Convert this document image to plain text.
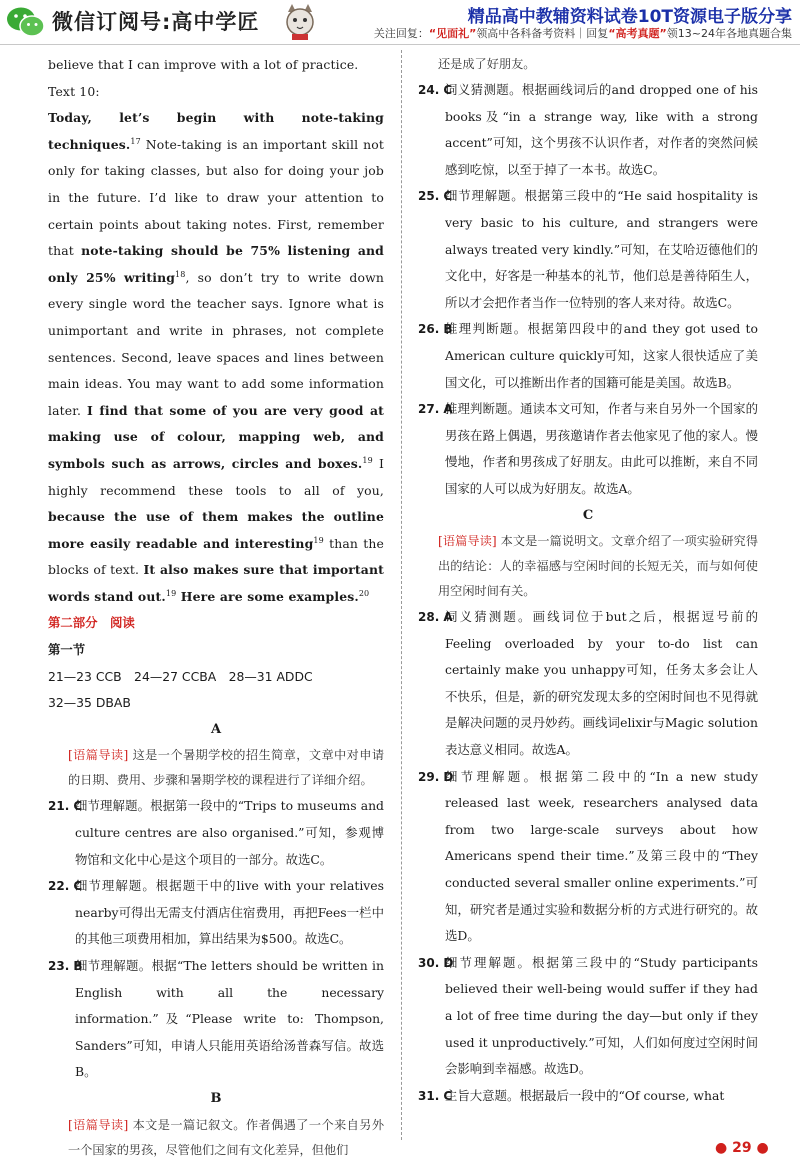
微信订阅号:高中学匠	精品高中教辅资料试卷10T资源电子版分享
关注回复：“见面礼”领高中各科备考资料｜回复“高考真题”领13~24年各地真题合集

believe that I can improve with a lot of practice.

Text 10:

Today, let’s begin with note-taking techniques.$^{17}$ Note-taking is an important skill not only for taking classes, but also for doing your job in the future. I’d like to draw your attention to certain points about taking notes. First, remember that note-taking should be 75% listening and only 25% writing$^{18}$, so don’t try to write down every single word the teacher says. Ignore what is unimportant and write in phrases, not complete sentences. Second, leave spaces and lines between main ideas. You may want to add some information later. I find that some of you are very good at making use of colour, mapping web, and symbols such as arrows, circles and boxes.$^{19}$ I highly recommend these tools to all of you, because the use of them makes the outline more easily readable and interesting$^{19}$ than the blocks of text. It also makes sure that important words stand out.$^{19}$ Here are some examples.$^{20}$

第二部分　阅读
第一节
21—23 CCB　24—27 CCBA　28—31 ADDC
32—35 DBAB
A
[语篇导读] 这是一个暑期学校的招生简章，文章中对申请的日期、费用、步骤和暑期学校的课程进行了详细介绍。
21. C
细节理解题。根据第一段中的“Trips to museums and culture centres are also organised.”可知，参观博物馆和文化中心是这个项目的一部分。故选C。
22. C
细节理解题。根据题干中的live with your relatives nearby可得出无需支付酒店住宿费用，再把Fees一栏中的其他三项费用相加，算出结果为$500。故选C。
23. B
细节理解题。根据“The letters should be written in English with all the necessary information.”及“Please write to: Thompson, Sanders”可知，申请人只能用英语给汤普森写信。故选B。
B
[语篇导读] 本文是一篇记叙文。作者偶遇了一个来自另外一个国家的男孩，尽管他们之间有文化差异，但他们
还是成了好朋友。
24. C
词义猜测题。根据画线词后的and dropped one of his books及“in a strange way, like with a strong accent”可知，这个男孩不认识作者，对作者的突然问候感到吃惊，以至于掉了一本书。故选C。
25. C
细节理解题。根据第三段中的“He said hospitality is very basic to his culture, and strangers were always treated very kindly.”可知，在艾哈迈德他们的文化中，好客是一种基本的礼节，他们总是善待陌生人，所以才会把作者当作一位特别的客人来对待。故选C。
26. B
推理判断题。根据第四段中的and they got used to American culture quickly可知，这家人很快适应了美国文化，可以推断出作者的国籍可能是美国。故选B。
27. A
推理判断题。通读本文可知，作者与来自另外一个国家的男孩在路上偶遇，男孩邀请作者去他家见了他的家人。慢慢地，作者和男孩成了好朋友。由此可以推断，来自不同国家的人可以成为好朋友。故选A。
C
[语篇导读] 本文是一篇说明文。文章介绍了一项实验研究得出的结论：人的幸福感与空闲时间的长短无关，而与如何使用空闲时间有关。
28. A
词义猜测题。画线词位于but之后，根据逗号前的Feeling overloaded by your to-do list can certainly make you unhappy可知，任务太多会让人不快乐，但是，新的研究发现太多的空闲时间也不见得就是解决问题的灵丹妙药。画线词elixir与Magic solution表达意义相同。故选A。
29. D
细节理解题。根据第二段中的“In a new study released last week, researchers analysed data from two large-scale surveys about how Americans spend their time.”及第三段中的“They conducted several smaller online experiments.”可知，研究者是通过实验和数据分析的方式进行研究的。故选D。
30. D
细节理解题。根据第三段中的“Study participants believed their well-being would suffer if they had a lot of free time during the day—but only if they used it unproductively.”可知，人们如何度过空闲时间会影响到幸福感。故选D。
31. C
主旨大意题。根据最后一段中的“Of course, what
● 29 ●
